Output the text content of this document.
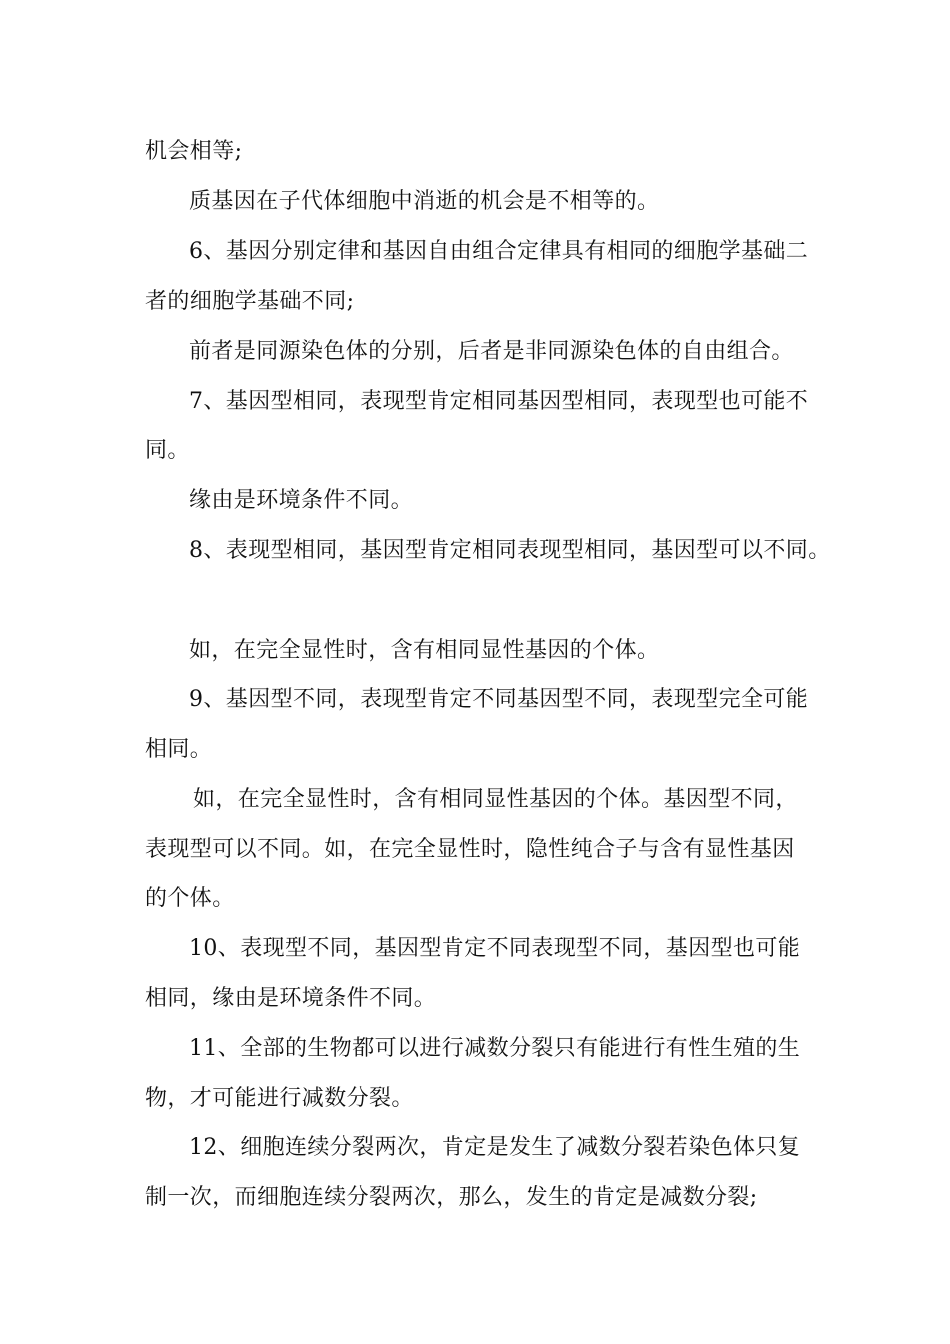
机会相等;
质基因在子代体细胞中消逝的机会是不相等的。
6、基因分别定律和基因自由组合定律具有相同的细胞学基础二
者的细胞学基础不同;
前者是同源染色体的分别，后者是非同源染色体的自由组合。
7、基因型相同，表现型肯定相同基因型相同，表现型也可能不
同。
缘由是环境条件不同。
8、表现型相同，基因型肯定相同表现型相同，基因型可以不同。
如，在完全显性时，含有相同显性基因的个体。
9、基因型不同，表现型肯定不同基因型不同，表现型完全可能
相同。
如，在完全显性时，含有相同显性基因的个体。基因型不同，
表现型可以不同。如，在完全显性时，隐性纯合子与含有显性基因
的个体。
10、表现型不同，基因型肯定不同表现型不同，基因型也可能
相同，缘由是环境条件不同。
11、全部的生物都可以进行减数分裂只有能进行有性生殖的生
物，才可能进行减数分裂。
12、细胞连续分裂两次，肯定是发生了减数分裂若染色体只复
制一次，而细胞连续分裂两次，那么，发生的肯定是减数分裂;
